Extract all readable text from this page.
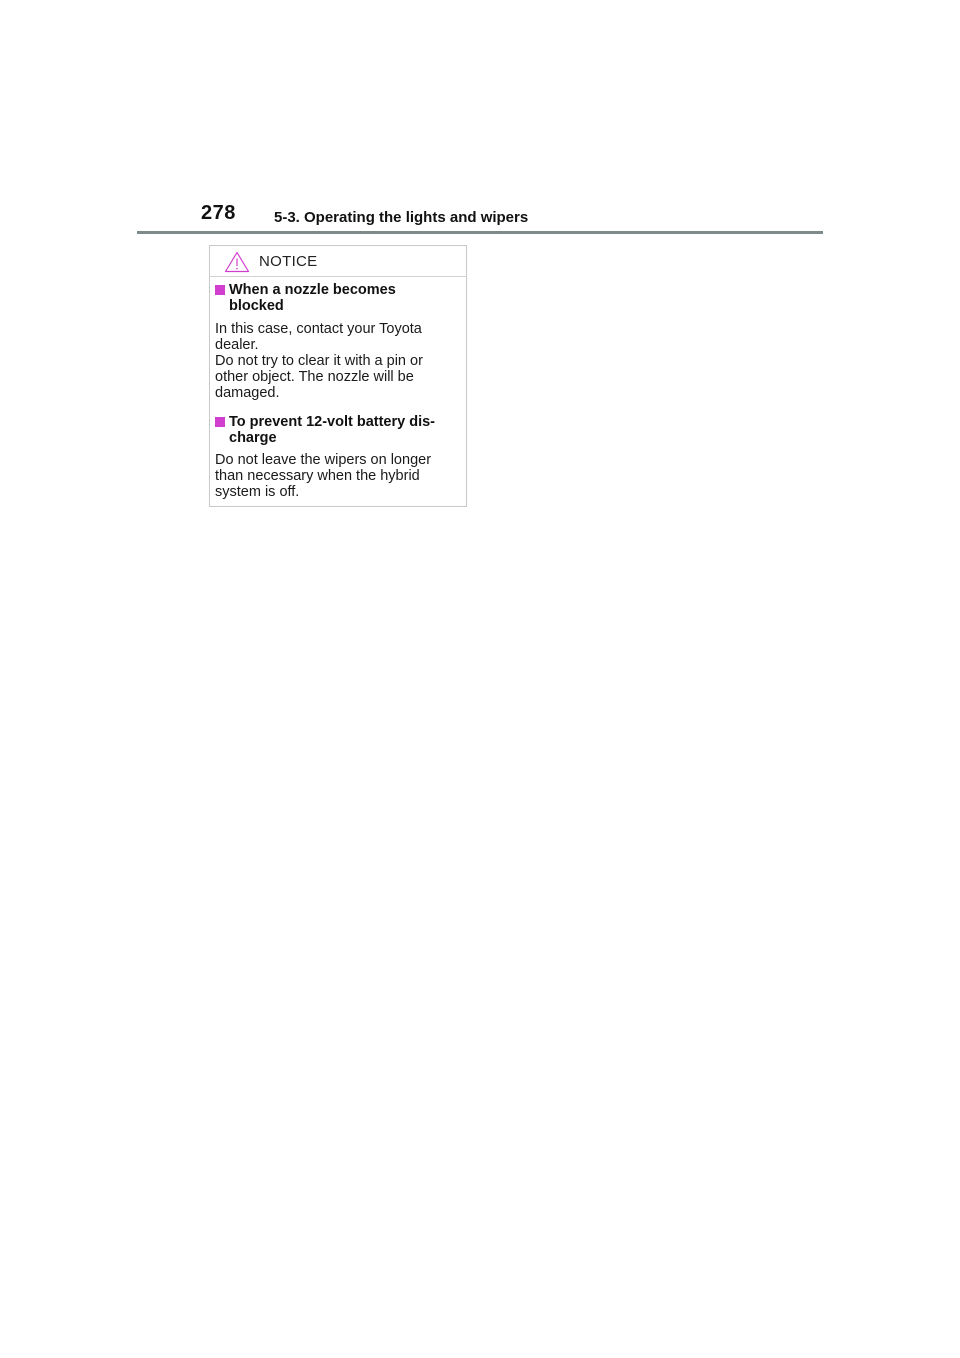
278	5-3. Operating the lights and wipers
NOTICE
When a nozzle becomes
blocked
In this case, contact your Toyota
dealer.
Do not try to clear it with a pin or
other object. The nozzle will be
damaged.
To prevent 12-volt battery dis-
charge
Do not leave the wipers on longer
than necessary when the hybrid
system is off.
